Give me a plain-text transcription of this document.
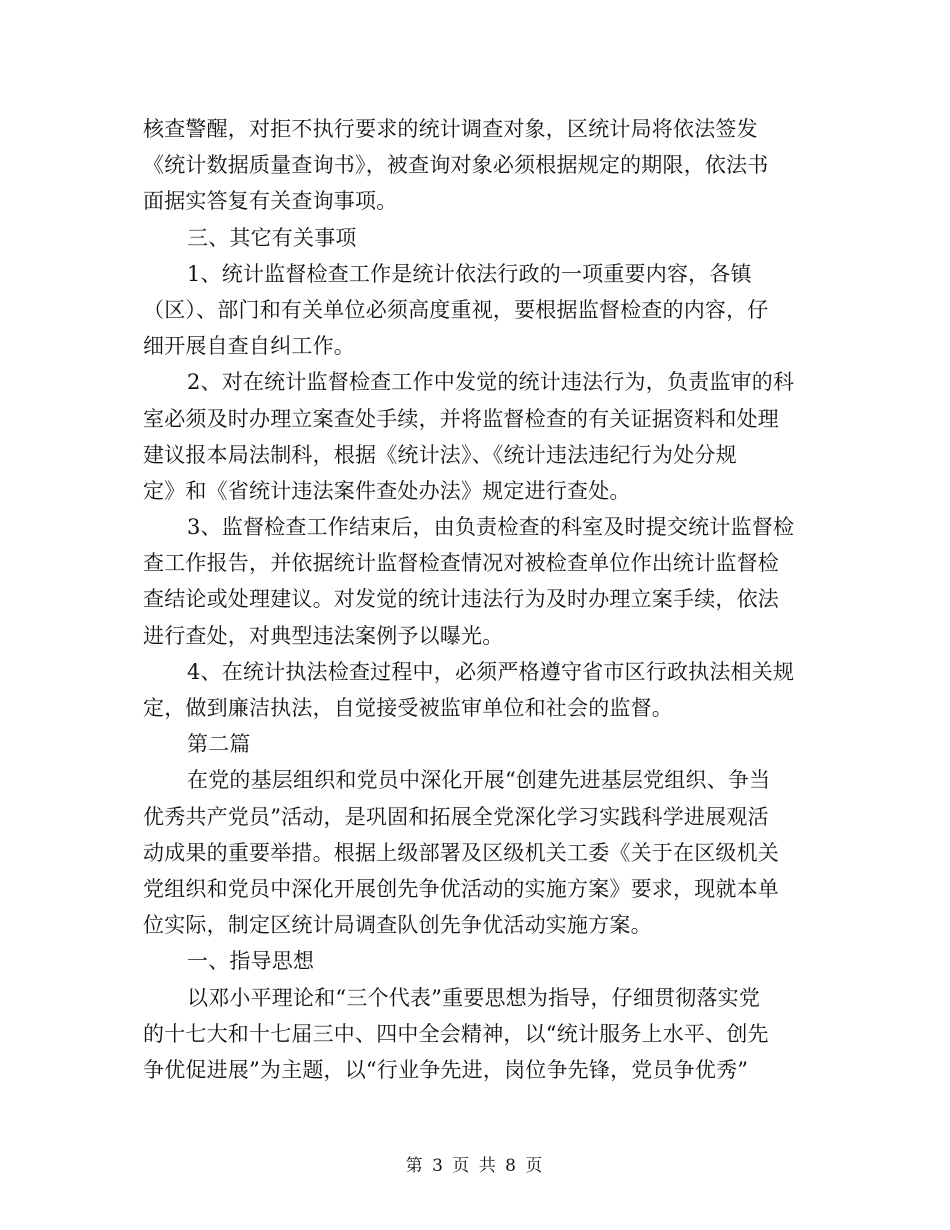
核查警醒，对拒不执行要求的统计调查对象，区统计局将依法签发
《统计数据质量查询书》，被查询对象必须根据规定的期限，依法书
面据实答复有关查询事项。
三、其它有关事项
1、统计监督检查工作是统计依法行政的一项重要内容，各镇
（区）、部门和有关单位必须高度重视，要根据监督检查的内容，仔
细开展自查自纠工作。
2、对在统计监督检查工作中发觉的统计违法行为，负责监审的科
室必须及时办理立案查处手续，并将监督检查的有关证据资料和处理
建议报本局法制科，根据《统计法》、《统计违法违纪行为处分规
定》和《省统计违法案件查处办法》规定进行查处。
3、监督检查工作结束后，由负责检查的科室及时提交统计监督检
查工作报告，并依据统计监督检查情况对被检查单位作出统计监督检
查结论或处理建议。对发觉的统计违法行为及时办理立案手续，依法
进行查处，对典型违法案例予以曝光。
4、在统计执法检查过程中，必须严格遵守省市区行政执法相关规
定，做到廉洁执法，自觉接受被监审单位和社会的监督。
第二篇
在党的基层组织和党员中深化开展“创建先进基层党组织、争当
优秀共产党员”活动，是巩固和拓展全党深化学习实践科学进展观活
动成果的重要举措。根据上级部署及区级机关工委《关于在区级机关
党组织和党员中深化开展创先争优活动的实施方案》要求，现就本单
位实际，制定区统计局调查队创先争优活动实施方案。
一、指导思想
以邓小平理论和“三个代表”重要思想为指导，仔细贯彻落实党
的十七大和十七届三中、四中全会精神，以“统计服务上水平、创先
争优促进展”为主题，以“行业争先进，岗位争先锋，党员争优秀”
第 3 页 共 8 页
